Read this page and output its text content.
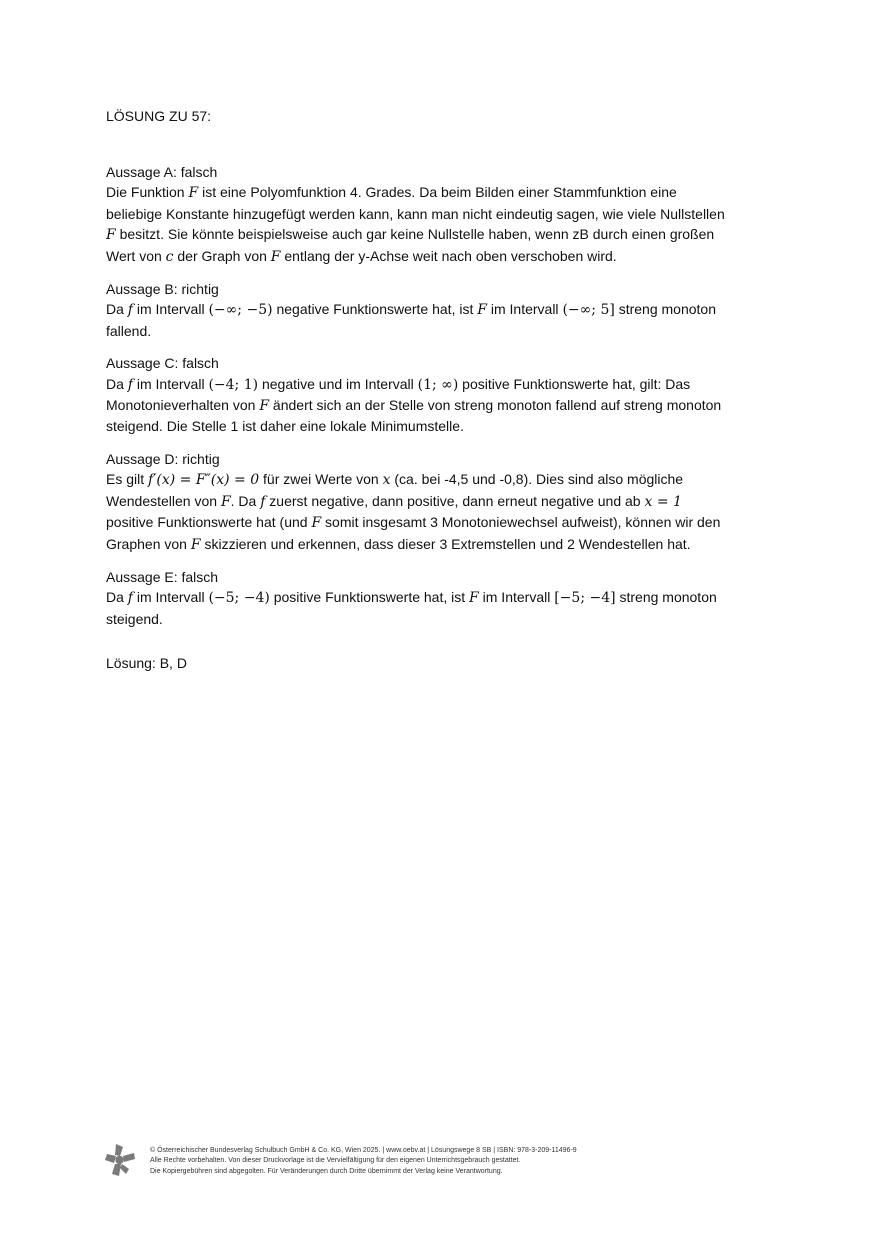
LÖSUNG ZU 57:

Aussage A: falsch

Die Funktion F ist eine Polyomfunktion 4. Grades. Da beim Bilden einer Stammfunktion eine

beliebige Konstante hinzugefügt werden kann, kann man nicht eindeutig sagen, wie viele Nullstellen

F besitzt. Sie könnte beispielsweise auch gar keine Nullstelle haben, wenn zB durch einen großen

Wert von c der Graph von F entlang der y-Achse weit nach oben verschoben wird.

Aussage B: richtig

Da f im Intervall (−∞; −5) negative Funktionswerte hat, ist F im Intervall (−∞; 5] streng monoton

fallend.

Aussage C: falsch

Da f im Intervall (−4; 1) negative und im Intervall (1; ∞) positive Funktionswerte hat, gilt: Das

Monotonieverhalten von F ändert sich an der Stelle von streng monoton fallend auf streng monoton

steigend. Die Stelle 1 ist daher eine lokale Minimumstelle.

Aussage D: richtig

Es gilt f′(x) = F″(x) = 0 für zwei Werte von x (ca. bei -4,5 und -0,8). Dies sind also mögliche

Wendestellen von F. Da f zuerst negative, dann positive, dann erneut negative und ab x = 1

positive Funktionswerte hat (und F somit insgesamt 3 Monotoniewechsel aufweist), können wir den

Graphen von F skizzieren und erkennen, dass dieser 3 Extremstellen und 2 Wendestellen hat.

Aussage E: falsch

Da f im Intervall (−5; −4) positive Funktionswerte hat, ist F im Intervall [−5; −4] streng monoton

steigend.

Lösung: B, D
© Österreichischer Bundesverlag Schulbuch GmbH & Co. KG, Wien 2025. | www.oebv.at | Lösungswege 8 SB | ISBN: 978-3-209-11496-9
Alle Rechte vorbehalten. Von dieser Druckvorlage ist die Vervielfältigung für den eigenen Unterrichtsgebrauch gestattet.
Die Kopiergebühren sind abgegolten. Für Veränderungen durch Dritte übernimmt der Verlag keine Verantwortung.
